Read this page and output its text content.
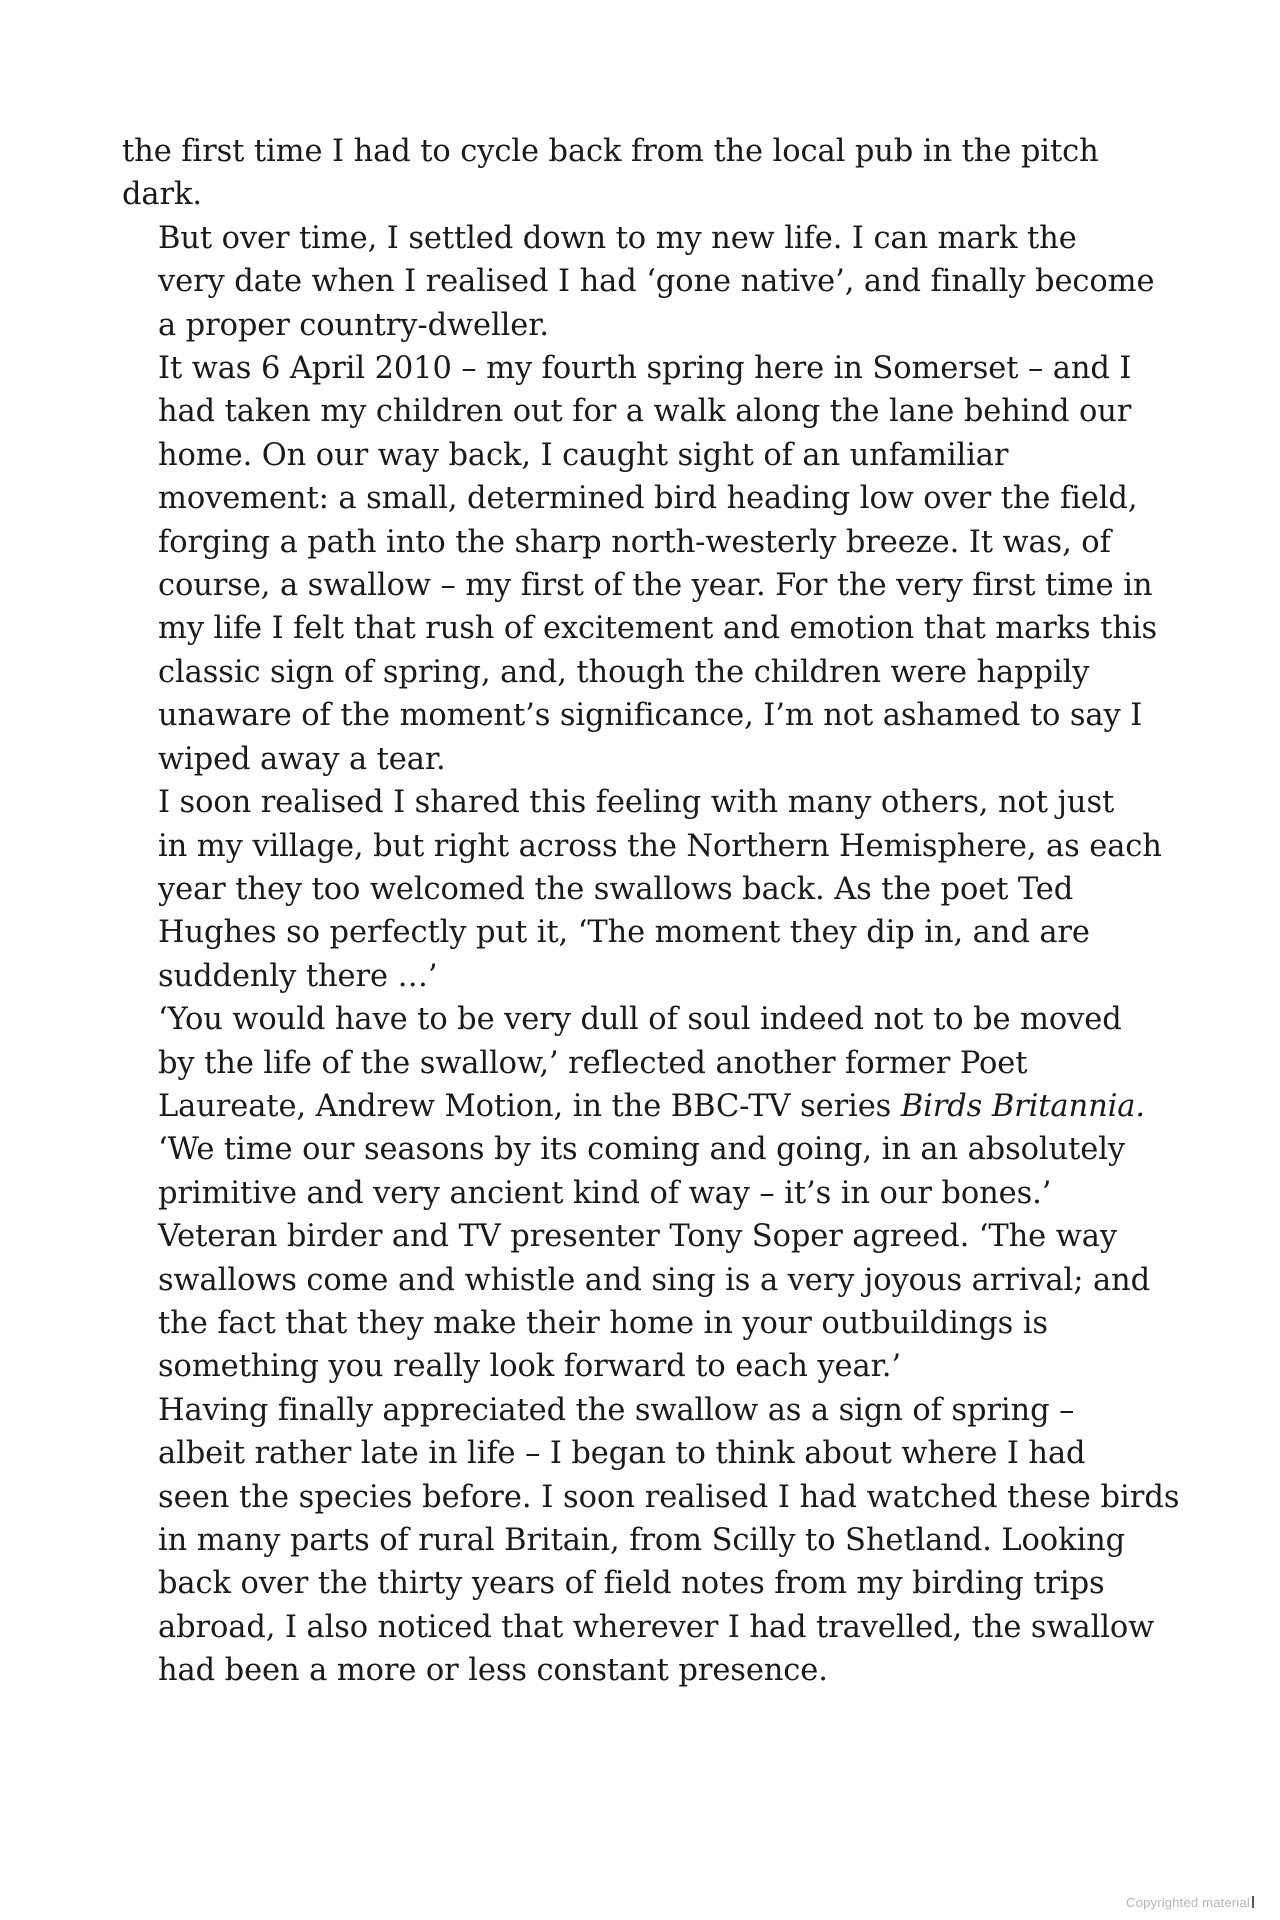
the first time I had to cycle back from the local pub in the pitch
dark.
But over time, I settled down to my new life. I can mark the
very date when I realised I had ‘gone native’, and finally become
a proper country-dweller.
It was 6 April 2010 – my fourth spring here in Somerset – and I
had taken my children out for a walk along the lane behind our
home. On our way back, I caught sight of an unfamiliar
movement: a small, determined bird heading low over the field,
forging a path into the sharp north-westerly breeze. It was, of
course, a swallow – my first of the year. For the very first time in
my life I felt that rush of excitement and emotion that marks this
classic sign of spring, and, though the children were happily
unaware of the moment’s significance, I’m not ashamed to say I
wiped away a tear.
I soon realised I shared this feeling with many others, not just
in my village, but right across the Northern Hemisphere, as each
year they too welcomed the swallows back. As the poet Ted
Hughes so perfectly put it, ‘The moment they dip in, and are
suddenly there …’
‘You would have to be very dull of soul indeed not to be moved
by the life of the swallow,’ reflected another former Poet
Laureate, Andrew Motion, in the BBC-TV series Birds Britannia.
‘We time our seasons by its coming and going, in an absolutely
primitive and very ancient kind of way – it’s in our bones.’
Veteran birder and TV presenter Tony Soper agreed. ‘The way
swallows come and whistle and sing is a very joyous arrival; and
the fact that they make their home in your outbuildings is
something you really look forward to each year.’
Having finally appreciated the swallow as a sign of spring –
albeit rather late in life – I began to think about where I had
seen the species before. I soon realised I had watched these birds
in many parts of rural Britain, from Scilly to Shetland. Looking
back over the thirty years of field notes from my birding trips
abroad, I also noticed that wherever I had travelled, the swallow
had been a more or less constant presence.
Copyrighted material
